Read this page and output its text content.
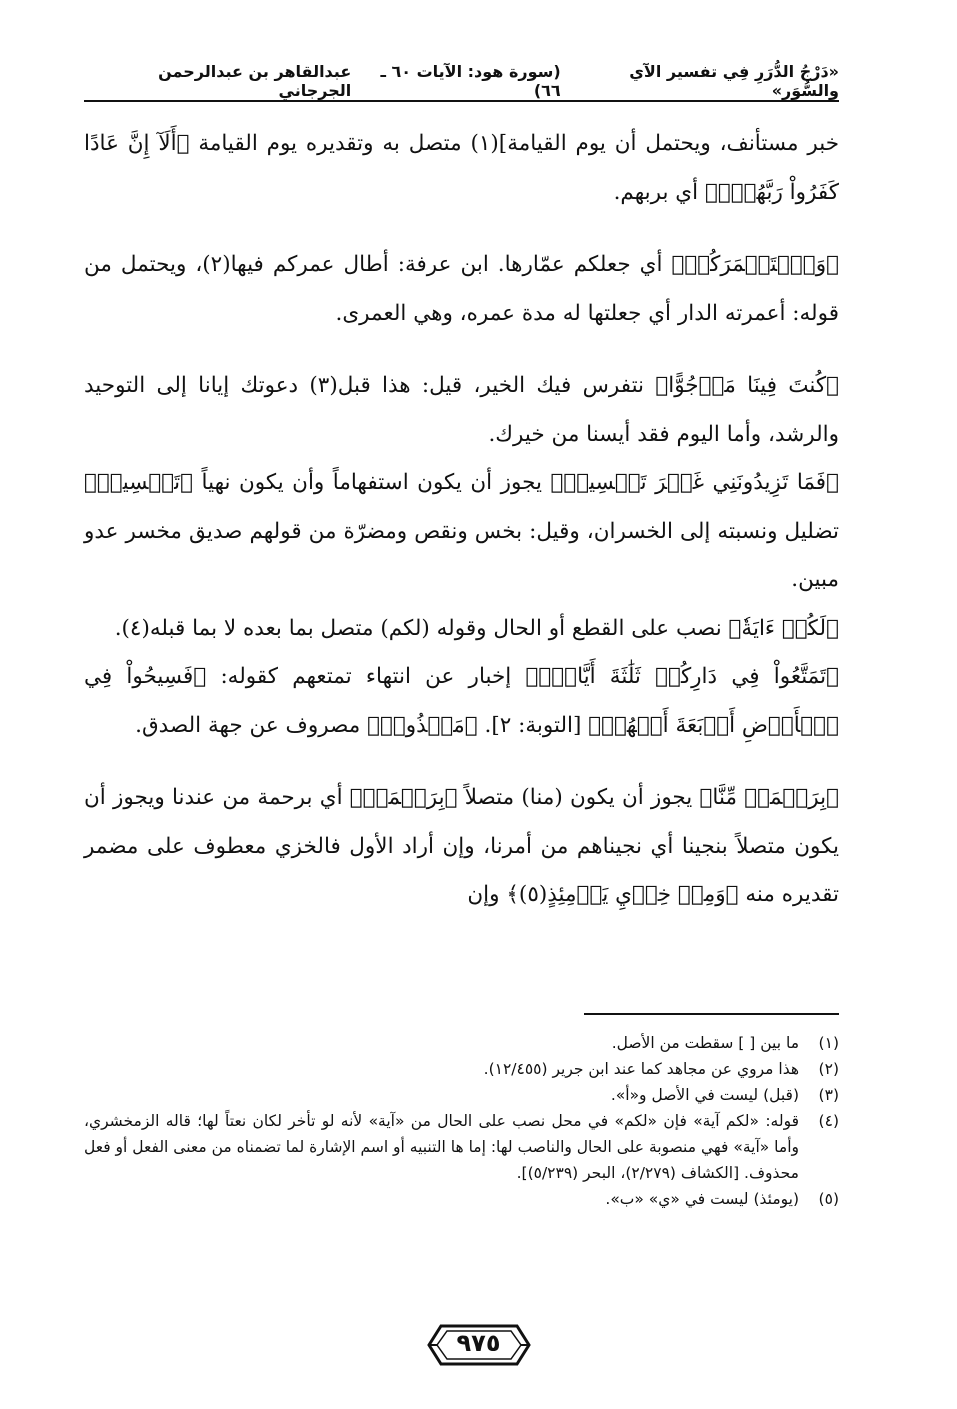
«دَرْجُ الدُّرَرِ فِي تفسير الآي والسُّوَر»
(سورة هود: الآيات ٦٠ ـ ٦٦)
عبدالقاهر بن عبدالرحمن الجرجاني

خبر مستأنف، ويحتمل أن يوم القيامة](١) متصل به وتقديره يوم القيامة ﴿أَلَآ إِنَّ عَادًا كَفَرُواْ رَبَّهُمۡۗ﴾ أي بربهم.

﴿وَٱسۡتَعۡمَرَكُمۡ﴾ أي جعلكم عمّارها. ابن عرفة: أطال عمركم فيها(٢)، ويحتمل من قوله: أعمرته الدار أي جعلتها له مدة عمره، وهي العمرى.

﴿كُنتَ فِينَا مَرۡجُوًّا﴾ نتفرس فيك الخير، قيل: هذا قبل(٣) دعوتك إيانا إلى التوحيد والرشد، وأما اليوم فقد أيسنا من خيرك.

﴿فَمَا تَزِيدُونَنِي غَيۡرَ تَخۡسِيرٖ﴾ يجوز أن يكون استفهاماً وأن يكون نهياً ﴿تَخۡسِيرٖ﴾ تضليل ونسبته إلى الخسران، وقيل: بخس ونقص ومضرّة من قولهم صديق مخسر عدو مبين.

﴿لَكُمۡ ءَايَةٗ﴾ نصب على القطع أو الحال وقوله (لكم) متصل بما بعده لا بما قبله(٤).

﴿تَمَتَّعُواْ فِي دَارِكُمۡ ثَلَٰثَةَ أَيَّامٖۖ﴾ إخبار عن انتهاء تمتعهم كقوله: ﴿فَسِيحُواْ فِي ٱلۡأَرۡضِ أَرۡبَعَةَ أَشۡهُرٖ﴾ [التوبة: ٢]. ﴿مَكۡذُوبٖ﴾ مصروف عن جهة الصدق.

﴿بِرَحۡمَةٖ مِّنَّا﴾ يجوز أن يكون (منا) متصلاً ﴿بِرَحۡمَةٖ﴾ أي برحمة من عندنا ويجوز أن يكون متصلاً بنجينا أي نجيناهم من أمرنا، وإن أراد الأول فالخزي معطوف على مضمر تقديره منه ﴿وَمِنۡ خِزۡيِ يَوۡمِئِذٍ(٥)﴾ وإن

(١)
ما بين [ ] سقطت من الأصل.
(٢)
هذا مروي عن مجاهد كما عند ابن جرير (١٢/٤٥٥).
(٣)
(قبل) ليست في الأصل و«أ».
(٤)
قوله: «لكم آية» فإن «لكم» في محل نصب على الحال من «آية» لأنه لو تأخر لكان نعتاً لها؛ قاله الزمخشري، وأما «آية» فهي منصوبة على الحال والناصب لها: إما ها التنبيه أو اسم الإشارة لما تضمناه من معنى الفعل أو فعل محذوف. [الكشاف (٢/٢٧٩)، البحر (٥/٢٣٩)].
(٥)
(يومئذ) ليست في «ي» «ب».
٩٧٥
